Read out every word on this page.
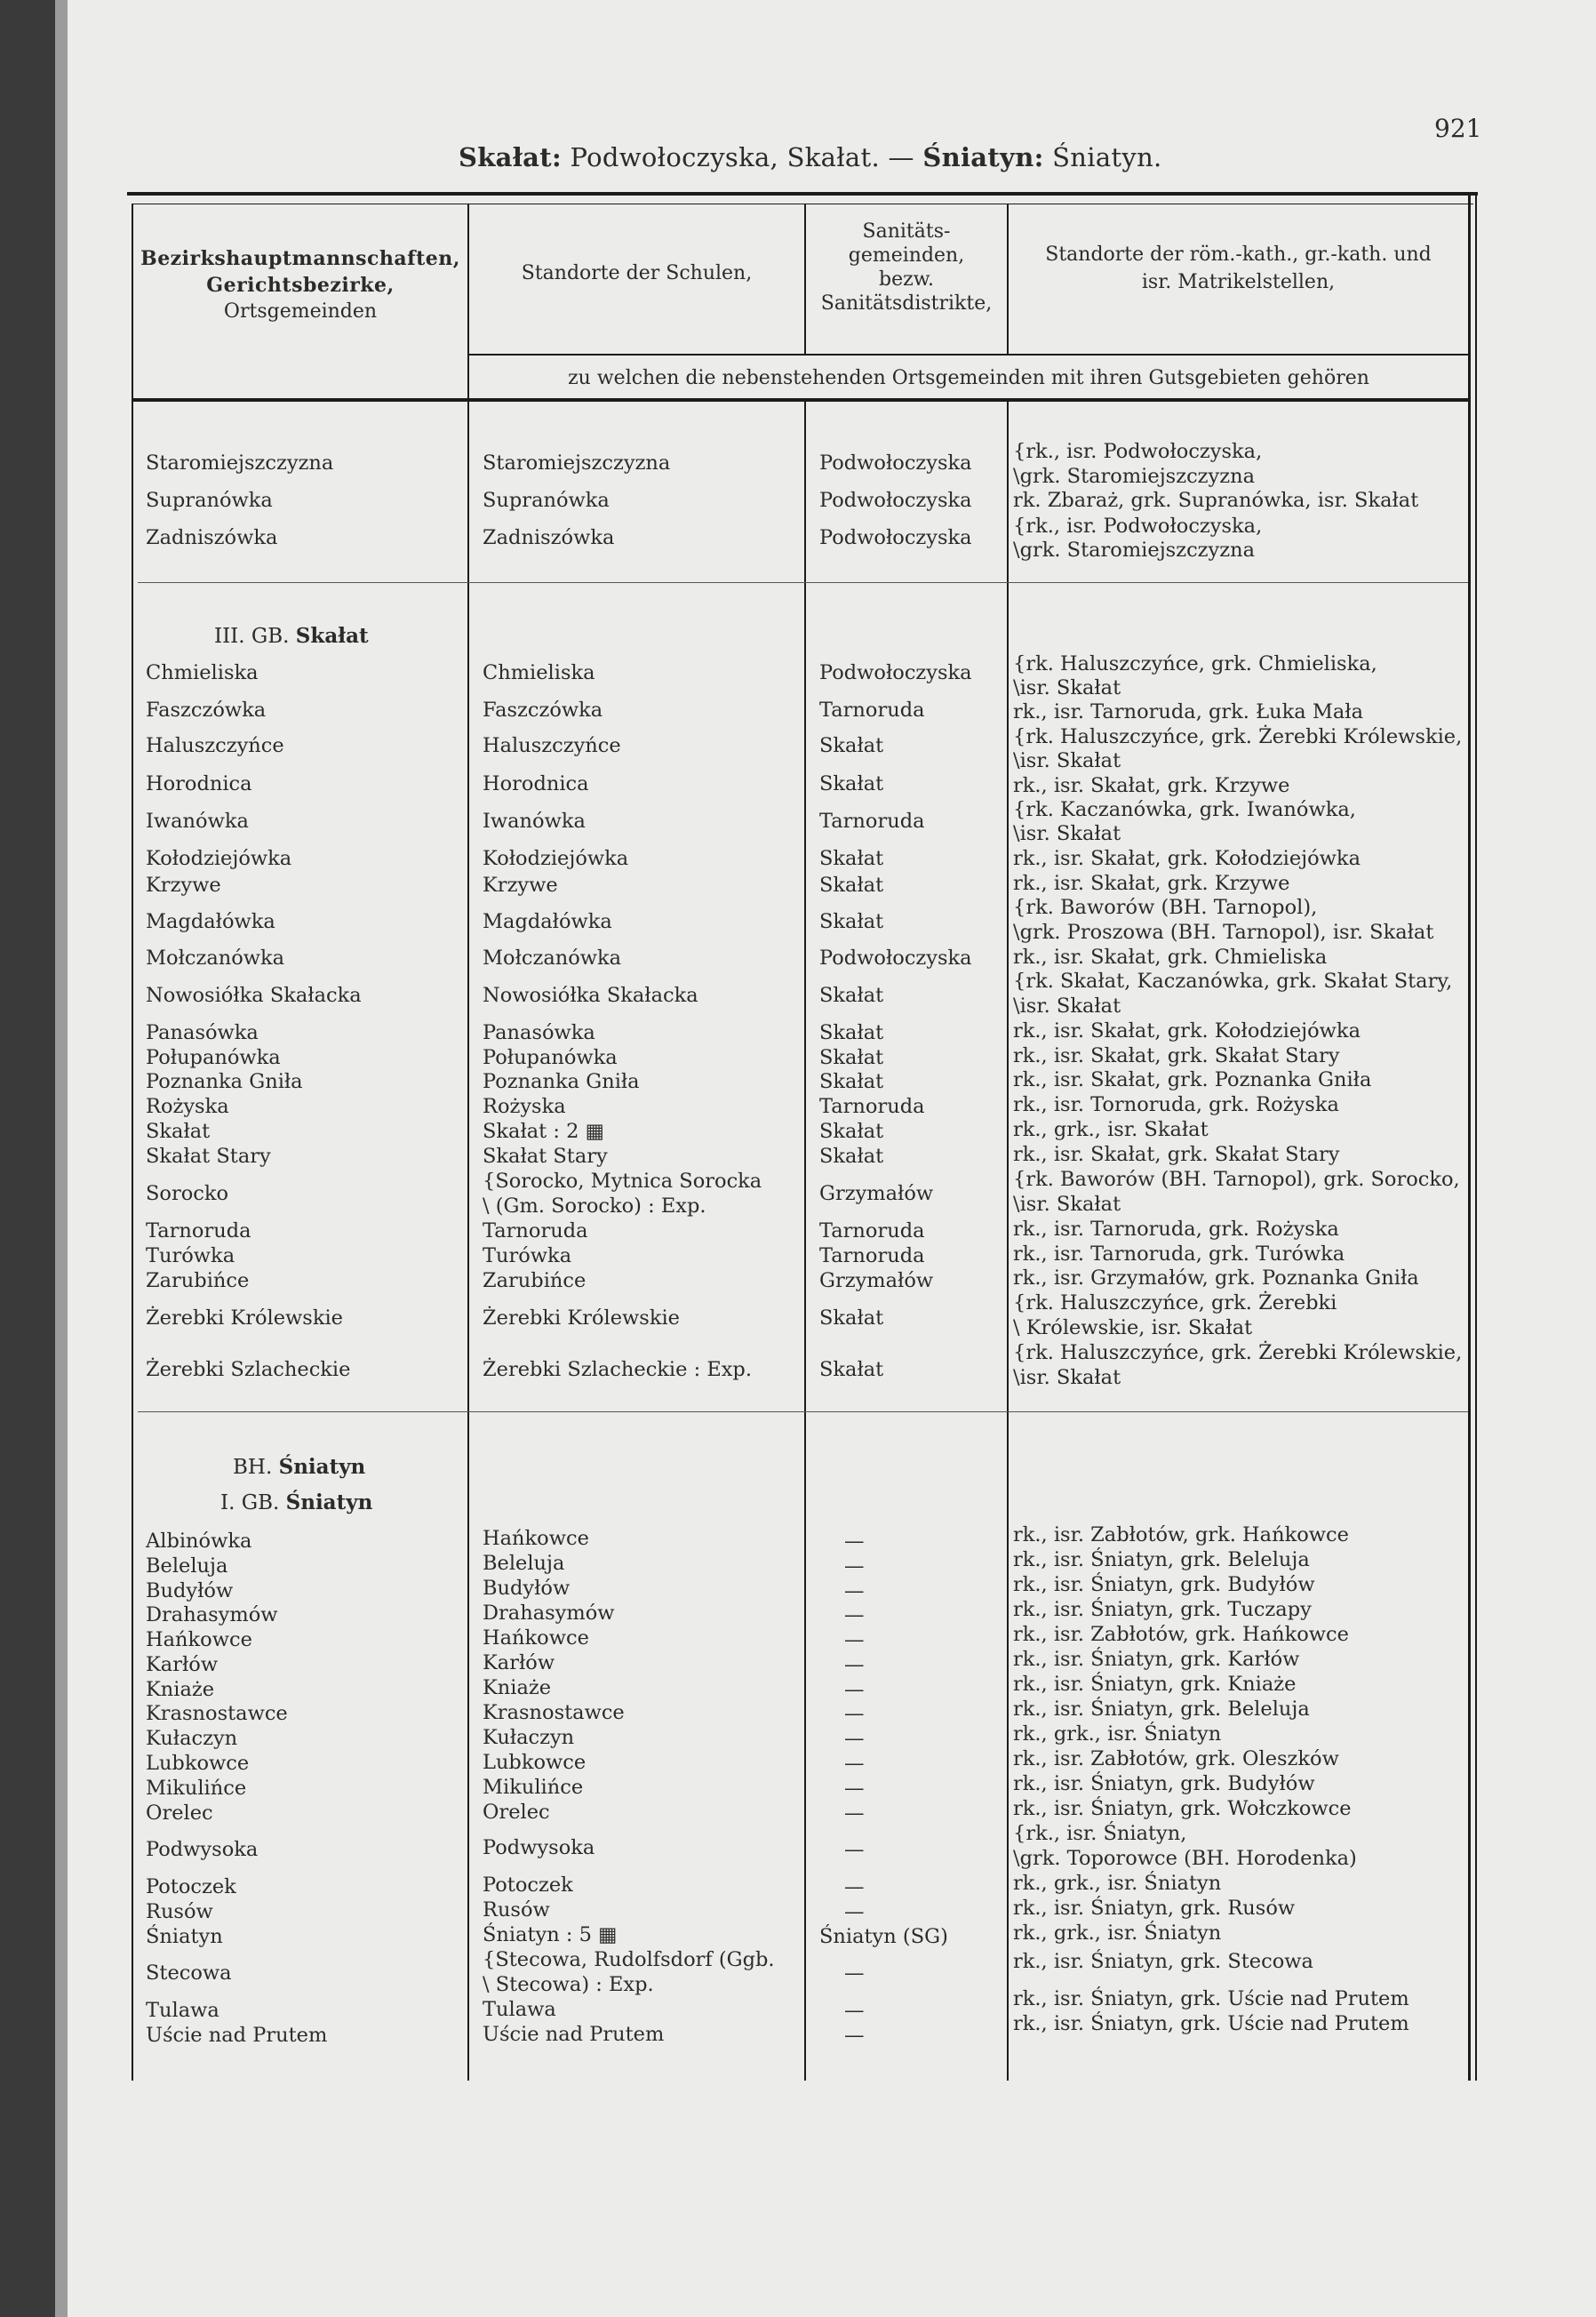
Skałat: Podwołoczyska, Skałat. — Śniatyn: Śniatyn.
921
Bezirkshauptmannschaften,
Gerichtsbezirke,
Ortsgemeinden
Standorte der Schulen,
Sanitäts-
gemeinden,
bezw.
Sanitätsdistrikte,
Standorte der röm.-kath., gr.-kath. und
isr. Matrikelstellen,
zu welchen die nebenstehenden Ortsgemeinden mit ihren Gutsgebieten gehören
III. GB. Skałat
BH. Śniatyn
I. GB. Śniatyn
Staromiejszczyzna
Supranówka
Zadniszówka
Staromiejszczyzna
Supranówka
Zadniszówka
Podwołoczyska
Podwołoczyska
Podwołoczyska
{rk., isr. Podwołoczyska,
\grk. Staromiejszczyzna
rk. Zbaraż, grk. Supranówka, isr. Skałat
{rk., isr. Podwołoczyska,
\grk. Staromiejszczyzna
Chmieliska
Faszczówka
Haluszczyńce
Horodnica
Iwanówka
Kołodziejówka
Krzywe
Magdałówka
Mołczanówka
Nowosiółka Skałacka
Panasówka
Połupanówka
Poznanka Gniła
Rożyska
Skałat
Skałat Stary
Sorocko
Tarnoruda
Turówka
Zarubińce
Żerebki Królewskie
Żerebki Szlacheckie
Chmieliska
Faszczówka
Haluszczyńce
Horodnica
Iwanówka
Kołodziejówka
Krzywe
Magdałówka
Mołczanówka
Nowosiółka Skałacka
Panasówka
Połupanówka
Poznanka Gniła
Rożyska
Skałat : 2 ▦
Skałat Stary
{Sorocko, Mytnica Sorocka
\ (Gm. Sorocko) : Exp.
Tarnoruda
Turówka
Zarubińce
Żerebki Królewskie
Żerebki Szlacheckie : Exp.
Podwołoczyska
Tarnoruda
Skałat
Skałat
Tarnoruda
Skałat
Skałat
Skałat
Podwołoczyska
Skałat
Skałat
Skałat
Skałat
Tarnoruda
Skałat
Skałat
Grzymałów
Tarnoruda
Tarnoruda
Grzymałów
Skałat
Skałat
{rk. Haluszczyńce, grk. Chmieliska,
\isr. Skałat
rk., isr. Tarnoruda, grk. Łuka Mała
{rk. Haluszczyńce, grk. Żerebki Królewskie,
\isr. Skałat
rk., isr. Skałat, grk. Krzywe
{rk. Kaczanówka, grk. Iwanówka,
\isr. Skałat
rk., isr. Skałat, grk. Kołodziejówka
rk., isr. Skałat, grk. Krzywe
{rk. Baworów (BH. Tarnopol),
\grk. Proszowa (BH. Tarnopol), isr. Skałat
rk., isr. Skałat, grk. Chmieliska
{rk. Skałat, Kaczanówka, grk. Skałat Stary,
\isr. Skałat
rk., isr. Skałat, grk. Kołodziejówka
rk., isr. Skałat, grk. Skałat Stary
rk., isr. Skałat, grk. Poznanka Gniła
rk., isr. Tornoruda, grk. Rożyska
rk., grk., isr. Skałat
rk., isr. Skałat, grk. Skałat Stary
{rk. Baworów (BH. Tarnopol), grk. Sorocko,
\isr. Skałat
rk., isr. Tarnoruda, grk. Rożyska
rk., isr. Tarnoruda, grk. Turówka
rk., isr. Grzymałów, grk. Poznanka Gniła
{rk. Haluszczyńce, grk. Żerebki
\ Królewskie, isr. Skałat
{rk. Haluszczyńce, grk. Żerebki Królewskie,
\isr. Skałat
Albinówka
Beleluja
Budyłów
Drahasymów
Hańkowce
Karłów
Kniaże
Krasnostawce
Kułaczyn
Lubkowce
Mikulińce
Orelec
Podwysoka
Potoczek
Rusów
Śniatyn
Stecowa
Tulawa
Uście nad Prutem
Hańkowce
Beleluja
Budyłów
Drahasymów
Hańkowce
Karłów
Kniaże
Krasnostawce
Kułaczyn
Lubkowce
Mikulińce
Orelec
Podwysoka
Potoczek
Rusów
Śniatyn : 5 ▦
{Stecowa, Rudolfsdorf (Ggb.
\ Stecowa) : Exp.
Tulawa
Uście nad Prutem
—
—
—
—
—
—
—
—
—
—
—
—
—
—
—
Śniatyn (SG)
—
—
—
rk., isr. Zabłotów, grk. Hańkowce
rk., isr. Śniatyn, grk. Beleluja
rk., isr. Śniatyn, grk. Budyłów
rk., isr. Śniatyn, grk. Tuczapy
rk., isr. Zabłotów, grk. Hańkowce
rk., isr. Śniatyn, grk. Karłów
rk., isr. Śniatyn, grk. Kniaże
rk., isr. Śniatyn, grk. Beleluja
rk., grk., isr. Śniatyn
rk., isr. Zabłotów, grk. Oleszków
rk., isr. Śniatyn, grk. Budyłów
rk., isr. Śniatyn, grk. Wołczkowce
{rk., isr. Śniatyn,
\grk. Toporowce (BH. Horodenka)
rk., grk., isr. Śniatyn
rk., isr. Śniatyn, grk. Rusów
rk., grk., isr. Śniatyn
rk., isr. Śniatyn, grk. Stecowa
rk., isr. Śniatyn, grk. Uście nad Prutem
rk., isr. Śniatyn, grk. Uście nad Prutem
